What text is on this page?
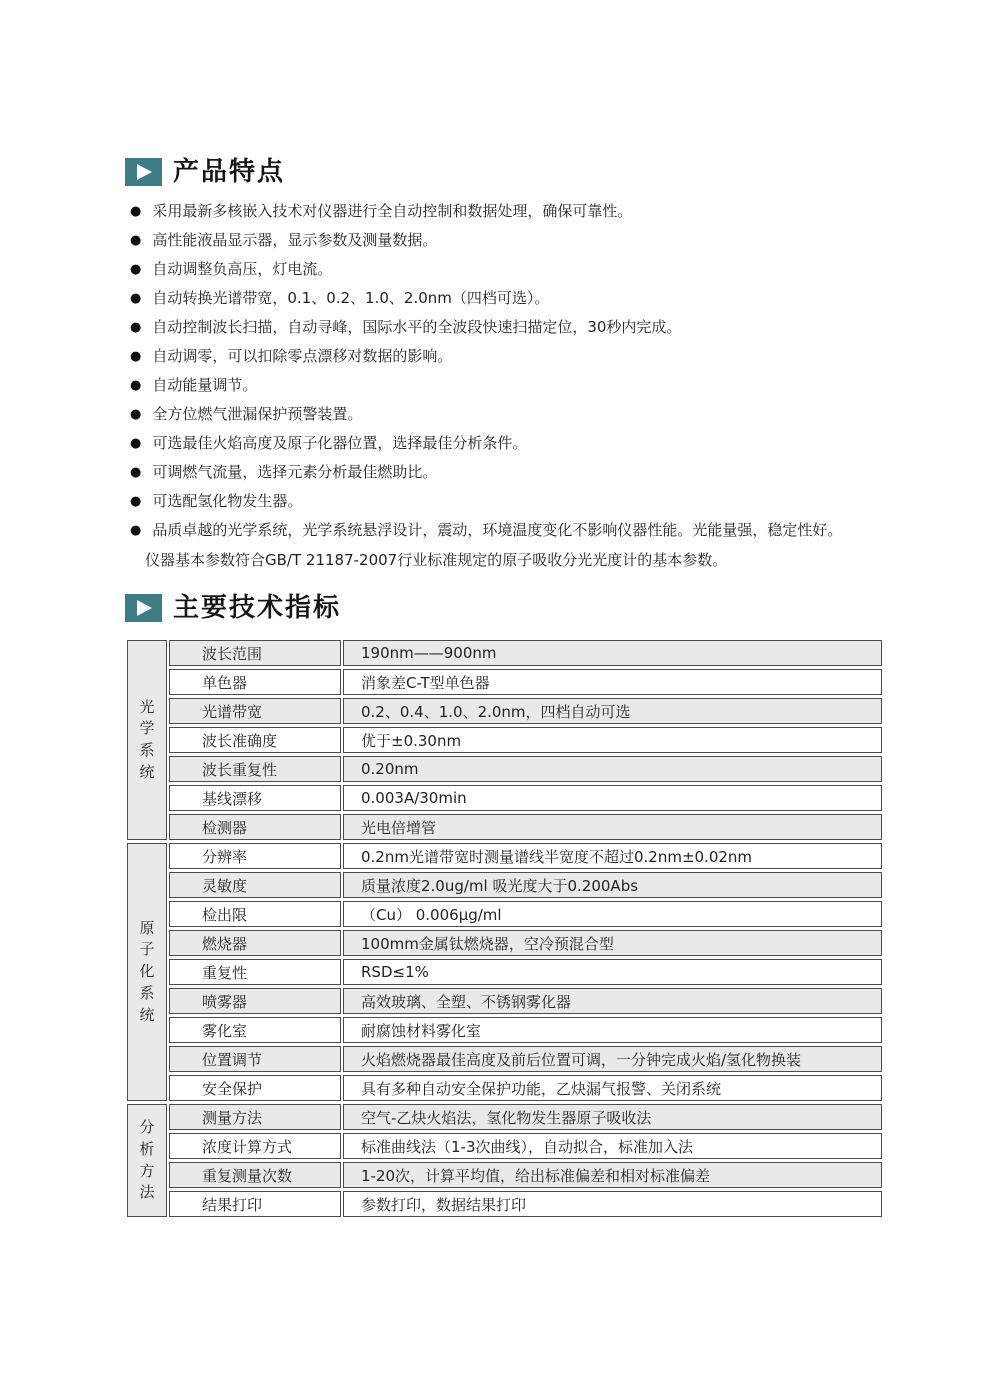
产品特点
● 采用最新多核嵌入技术对仪器进行全自动控制和数据处理，确保可靠性。
● 高性能液晶显示器，显示参数及测量数据。
● 自动调整负高压，灯电流。
● 自动转换光谱带宽，0.1、0.2、1.0、2.0nm（四档可选）。
● 自动控制波长扫描，自动寻峰，国际水平的全波段快速扫描定位，30秒内完成。
● 自动调零，可以扣除零点漂移对数据的影响。
● 自动能量调节。
● 全方位燃气泄漏保护预警装置。
● 可选最佳火焰高度及原子化器位置，选择最佳分析条件。
● 可调燃气流量，选择元素分析最佳燃助比。
● 可选配氢化物发生器。
● 品质卓越的光学系统，光学系统悬浮设计，震动，环境温度变化不影响仪器性能。光能量强，稳定性好。

仪器基本参数符合GB/T 21187-2007行业标准规定的原子吸收分光光度计的基本参数。

主要技术指标
光学系统	波长范围	190nm——900nm
	单色器	消象差C-T型单色器
	光谱带宽	0.2、0.4、1.0、2.0nm，四档自动可选
	波长准确度	优于±0.30nm
	波长重复性	0.20nm
	基线漂移	0.003A/30min
	检测器	光电倍增管
原子化系统	分辨率	0.2nm光谱带宽时测量谱线半宽度不超过0.2nm±0.02nm
	灵敏度	质量浓度2.0ug/ml 吸光度大于0.200Abs
	检出限	（Cu） 0.006μg/ml
	燃烧器	100mm金属钛燃烧器，空冷预混合型
	重复性	RSD≤1%
	喷雾器	高效玻璃、全塑、不锈钢雾化器
	雾化室	耐腐蚀材料雾化室
	位置调节	火焰燃烧器最佳高度及前后位置可调，一分钟完成火焰/氢化物换装
	安全保护	具有多种自动安全保护功能，乙炔漏气报警、关闭系统
分析方法	测量方法	空气-乙炔火焰法，氢化物发生器原子吸收法
	浓度计算方式	标准曲线法（1-3次曲线），自动拟合，标准加入法
	重复测量次数	1-20次，计算平均值，给出标准偏差和相对标准偏差
	结果打印	参数打印，数据结果打印
